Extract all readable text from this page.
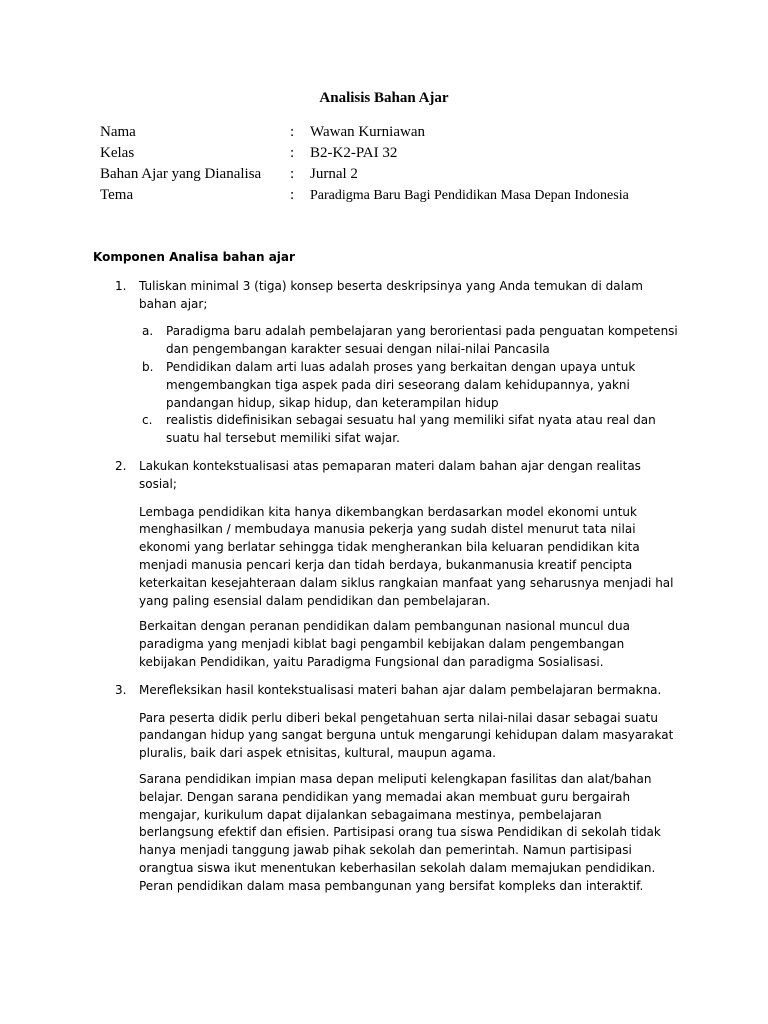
Analisis Bahan Ajar
Nama	: Wawan Kurniawan
Kelas	: B2-K2-PAI 32
Bahan Ajar yang Dianalisa : Jurnal 2
Tema	: Paradigma Baru Bagi Pendidikan Masa Depan Indonesia
Komponen Analisa bahan ajar
1. Tuliskan minimal 3 (tiga) konsep beserta deskripsinya yang Anda temukan di dalam bahan ajar;
a. Paradigma baru adalah pembelajaran yang berorientasi pada penguatan kompetensi dan pengembangan karakter sesuai dengan nilai-nilai Pancasila
b. Pendidikan dalam arti luas adalah proses yang berkaitan dengan upaya untuk mengembangkan tiga aspek pada diri seseorang dalam kehidupannya, yakni pandangan hidup, sikap hidup, dan keterampilan hidup
c. realistis didefinisikan sebagai sesuatu hal yang memiliki sifat nyata atau real dan suatu hal tersebut memiliki sifat wajar.
2. Lakukan kontekstualisasi atas pemaparan materi dalam bahan ajar dengan realitas sosial;

Lembaga pendidikan kita hanya dikembangkan berdasarkan model ekonomi untuk menghasilkan / membudaya manusia pekerja yang sudah distel menurut tata nilai ekonomi yang berlatar sehingga tidak mengherankan bila keluaran pendidikan kita menjadi manusia pencari kerja dan tidah berdaya, bukanmanusia kreatif pencipta keterkaitan kesejahteraan dalam siklus rangkaian manfaat yang seharusnya menjadi hal yang paling esensial dalam pendidikan dan pembelajaran.

Berkaitan dengan peranan pendidikan dalam pembangunan nasional muncul dua paradigma yang menjadi kiblat bagi pengambil kebijakan dalam pengembangan kebijakan Pendidikan, yaitu Paradigma Fungsional dan paradigma Sosialisasi.

3. Merefleksikan hasil kontekstualisasi materi bahan ajar dalam pembelajaran bermakna.

Para peserta didik perlu diberi bekal pengetahuan serta nilai-nilai dasar sebagai suatu pandangan hidup yang sangat berguna untuk mengarungi kehidupan dalam masyarakat pluralis, baik dari aspek etnisitas, kultural, maupun agama.

Sarana pendidikan impian masa depan meliputi kelengkapan fasilitas dan alat/bahan belajar. Dengan sarana pendidikan yang memadai akan membuat guru bergairah mengajar, kurikulum dapat dijalankan sebagaimana mestinya, pembelajaran berlangsung efektif dan efisien. Partisipasi orang tua siswa Pendidikan di sekolah tidak hanya menjadi tanggung jawab pihak sekolah dan pemerintah. Namun partisipasi orangtua siswa ikut menentukan keberhasilan sekolah dalam memajukan pendidikan. Peran pendidikan dalam masa pembangunan yang bersifat kompleks dan interaktif.
